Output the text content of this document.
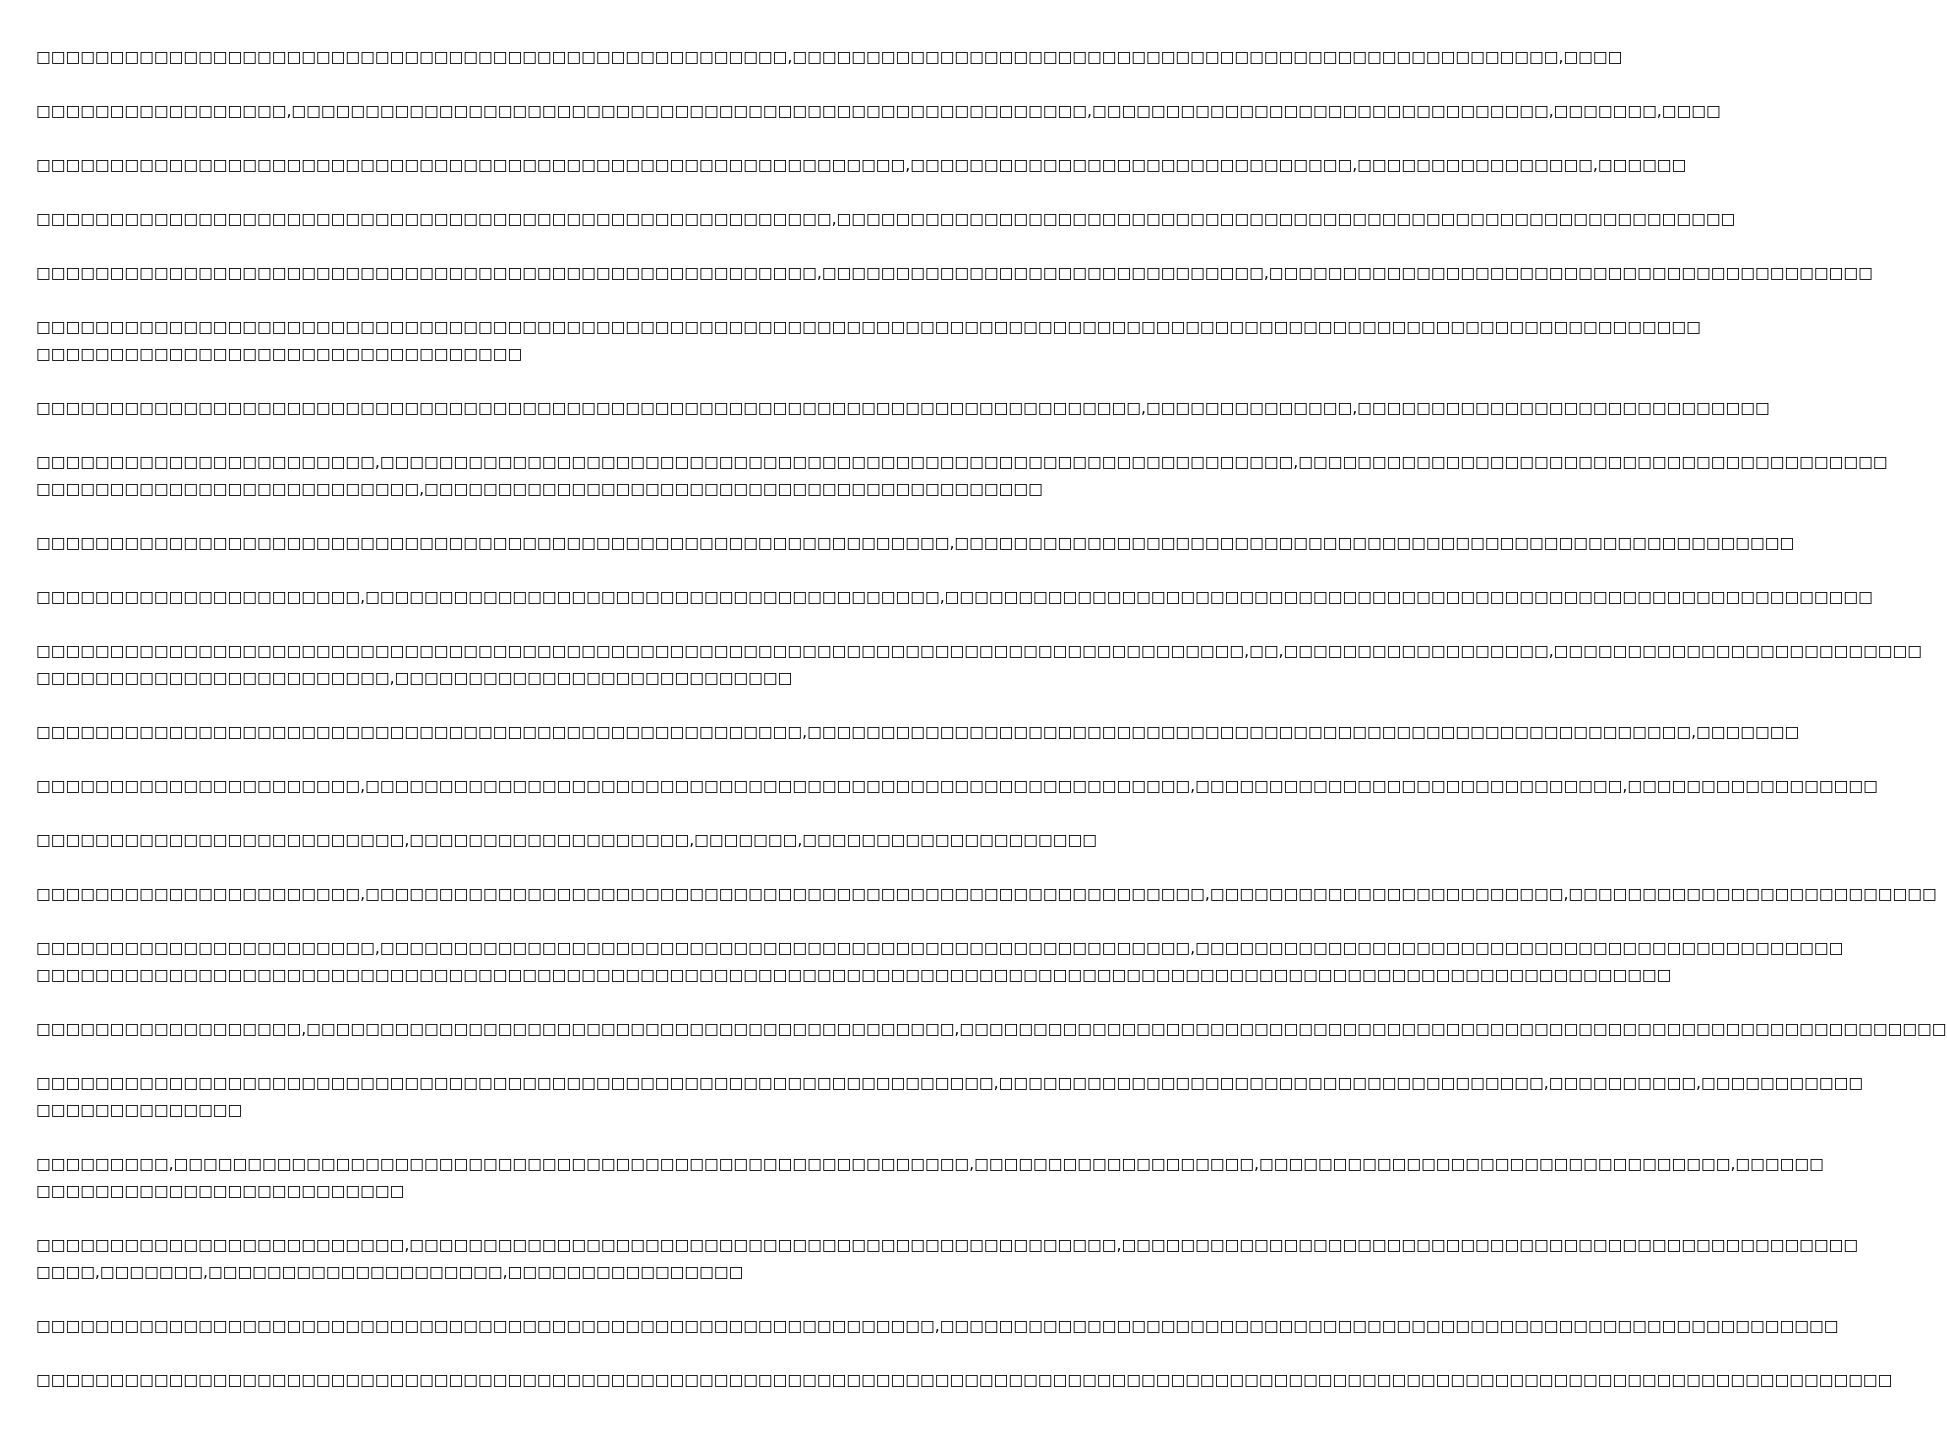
□□□□□□□□□□□□□□□□□□□□□□□□□□□□□□□□□□□□□□□□□□□□□□□□□□□,□□□□□□□□□□□□□□□□□□□□□□□□□□□□□□□□□□□□□□□□□□□□□□□□□□□□,□□□□

□□□□□□□□□□□□□□□□□,□□□□□□□□□□□□□□□□□□□□□□□□□□□□□□□□□□□□□□□□□□□□□□□□□□□□□□,□□□□□□□□□□□□□□□□□□□□□□□□□□□□□□□,□□□□□□□,□□□□

□□□□□□□□□□□□□□□□□□□□□□□□□□□□□□□□□□□□□□□□□□□□□□□□□□□□□□□□□□□,□□□□□□□□□□□□□□□□□□□□□□□□□□□□□□,□□□□□□□□□□□□□□□□,□□□□□□

□□□□□□□□□□□□□□□□□□□□□□□□□□□□□□□□□□□□□□□□□□□□□□□□□□□□□□,□□□□□□□□□□□□□□□□□□□□□□□□□□□□□□□□□□□□□□□□□□□□□□□□□□□□□□□□□□□□□

□□□□□□□□□□□□□□□□□□□□□□□□□□□□□□□□□□□□□□□□□□□□□□□□□□□□□,□□□□□□□□□□□□□□□□□□□□□□□□□□□□□□,□□□□□□□□□□□□□□□□□□□□□□□□□□□□□□□□□□□□□□□□□

□□□□□□□□□□□□□□□□□□□□□□□□□□□□□□□□□□□□□□□□□□□□□□□□□□□□□□□□□□□□□□□□□□□□□□□□□□□□□□□□□□□□□□□□□□□□□□□□□□□□□□□□□□□□□□□□□
□□□□□□□□□□□□□□□□□□□□□□□□□□□□□□□□□

□□□□□□□□□□□□□□□□□□□□□□□□□□□□□□□□□□□□□□□□□□□□□□□□□□□□□□□□□□□□□□□□□□□□□□□□□□□,□□□□□□□□□□□□□□,□□□□□□□□□□□□□□□□□□□□□□□□□□□□

□□□□□□□□□□□□□□□□□□□□□□□,□□□□□□□□□□□□□□□□□□□□□□□□□□□□□□□□□□□□□□□□□□□□□□□□□□□□□□□□□□□□□□,□□□□□□□□□□□□□□□□□□□□□□□□□□□□□□□□□□□□□□□□
□□□□□□□□□□□□□□□□□□□□□□□□□□,□□□□□□□□□□□□□□□□□□□□□□□□□□□□□□□□□□□□□□□□□□

□□□□□□□□□□□□□□□□□□□□□□□□□□□□□□□□□□□□□□□□□□□□□□□□□□□□□□□□□□□□□□,□□□□□□□□□□□□□□□□□□□□□□□□□□□□□□□□□□□□□□□□□□□□□□□□□□□□□□□□□

□□□□□□□□□□□□□□□□□□□□□□,□□□□□□□□□□□□□□□□□□□□□□□□□□□□□□□□□□□□□□□,□□□□□□□□□□□□□□□□□□□□□□□□□□□□□□□□□□□□□□□□□□□□□□□□□□□□□□□□□□□□□□□

□□□□□□□□□□□□□□□□□□□□□□□□□□□□□□□□□□□□□□□□□□□□□□□□□□□□□□□□□□□□□□□□□□□□□□□□□□□□□□□□□□,□□,□□□□□□□□□□□□□□□□□□,□□□□□□□□□□□□□□□□□□□□□□□□□
□□□□□□□□□□□□□□□□□□□□□□□□,□□□□□□□□□□□□□□□□□□□□□□□□□□□

□□□□□□□□□□□□□□□□□□□□□□□□□□□□□□□□□□□□□□□□□□□□□□□□□□□□,□□□□□□□□□□□□□□□□□□□□□□□□□□□□□□□□□□□□□□□□□□□□□□□□□□□□□□□□□□□□,□□□□□□□

□□□□□□□□□□□□□□□□□□□□□□,□□□□□□□□□□□□□□□□□□□□□□□□□□□□□□□□□□□□□□□□□□□□□□□□□□□□□□□□,□□□□□□□□□□□□□□□□□□□□□□□□□□□□□,□□□□□□□□□□□□□□□□□

□□□□□□□□□□□□□□□□□□□□□□□□□,□□□□□□□□□□□□□□□□□□□,□□□□□□□,□□□□□□□□□□□□□□□□□□□□

□□□□□□□□□□□□□□□□□□□□□□,□□□□□□□□□□□□□□□□□□□□□□□□□□□□□□□□□□□□□□□□□□□□□□□□□□□□□□□□□,□□□□□□□□□□□□□□□□□□□□□□□□,□□□□□□□□□□□□□□□□□□□□□□□□□

□□□□□□□□□□□□□□□□□□□□□□□,□□□□□□□□□□□□□□□□□□□□□□□□□□□□□□□□□□□□□□□□□□□□□□□□□□□□□□□,□□□□□□□□□□□□□□□□□□□□□□□□□□□□□□□□□□□□□□□□□□□□
□□□□□□□□□□□□□□□□□□□□□□□□□□□□□□□□□□□□□□□□□□□□□□□□□□□□□□□□□□□□□□□□□□□□□□□□□□□□□□□□□□□□□□□□□□□□□□□□□□□□□□□□□□□□□□□

□□□□□□□□□□□□□□□□□□,□□□□□□□□□□□□□□□□□□□□□□□□□□□□□□□□□□□□□□□□□□□□,□□□□□□□□□□□□□□□□□□□□□□□□□□□□□□□□□□□□□□□□□□□□□□□□□□□□□□□□□□□□□□□□□□□

□□□□□□□□□□□□□□□□□□□□□□□□□□□□□□□□□□□□□□□□□□□□□□□□□□□□□□□□□□□□□□□□□,□□□□□□□□□□□□□□□□□□□□□□□□□□□□□□□□□□□□□,□□□□□□□□□□,□□□□□□□□□□□
□□□□□□□□□□□□□□

□□□□□□□□□,□□□□□□□□□□□□□□□□□□□□□□□□□□□□□□□□□□□□□□□□□□□□□□□□□□□□□□,□□□□□□□□□□□□□□□□□□□,□□□□□□□□□□□□□□□□□□□□□□□□□□□□□□□□,□□□□□□
□□□□□□□□□□□□□□□□□□□□□□□□□

□□□□□□□□□□□□□□□□□□□□□□□□□,□□□□□□□□□□□□□□□□□□□□□□□□□□□□□□□□□□□□□□□□□□□□□□□□,□□□□□□□□□□□□□□□□□□□□□□□□□□□□□□□□□□□□□□□□□□□□□□□□□□
□□□□,□□□□□□□,□□□□□□□□□□□□□□□□□□□□,□□□□□□□□□□□□□□□□

□□□□□□□□□□□□□□□□□□□□□□□□□□□□□□□□□□□□□□□□□□□□□□□□□□□□□□□□□□□□□,□□□□□□□□□□□□□□□□□□□□□□□□□□□□□□□□□□□□□□□□□□□□□□□□□□□□□□□□□□□□□

□□□□□□□□□□□□□□□□□□□□□□□□□□□□□□□□□□□□□□□□□□□□□□□□□□□□□□□□□□□□□□□□□□□□□□□□□□□□□□□□□□□□□□□□□□□□□□□□□□□□□□□□□□□□□□□□□□□□□□□□□□□□□□
